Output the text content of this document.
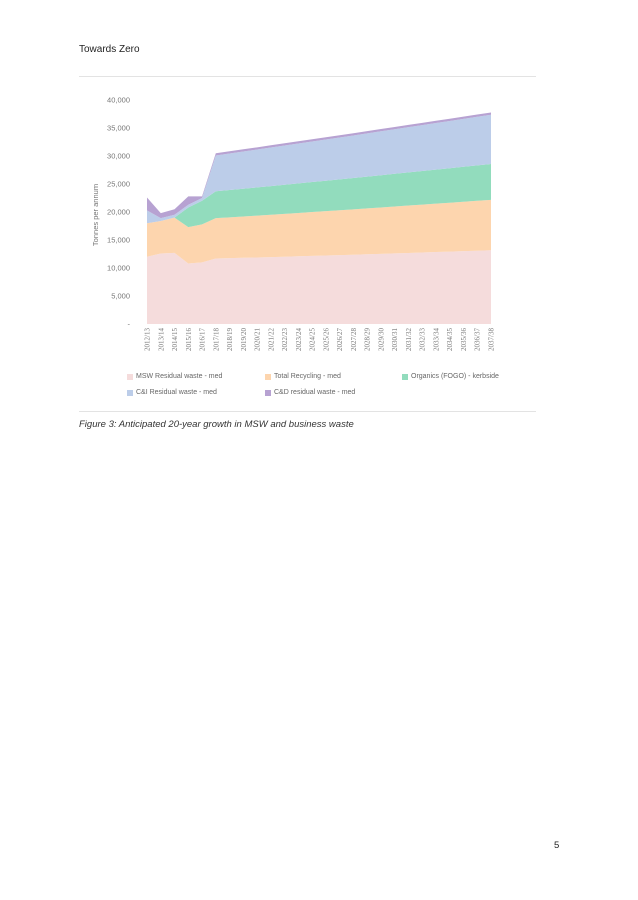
Towards Zero
-
5,000
10,000
15,000
20,000
25,000
30,000
35,000
40,000
2012/13 2013/14 2014/15 2015/16 2016/17 2017/18 2018/19 2019/20 2020/21 2021/22 2022/23 2023/24 2024/25 2025/26 2026/27 2027/28 2028/29 2029/30 2030/31 2031/32 2032/33 2033/34 2034/35 2035/36 2036/37 2037/38
Tonnes per annum
MSW Residual waste - med	Total Recycling - med	Organics (FOGO) - kerbside
C&I Residual waste - med	C&D residual waste - med
Figure 3: Anticipated 20-year growth in MSW and business waste
5
